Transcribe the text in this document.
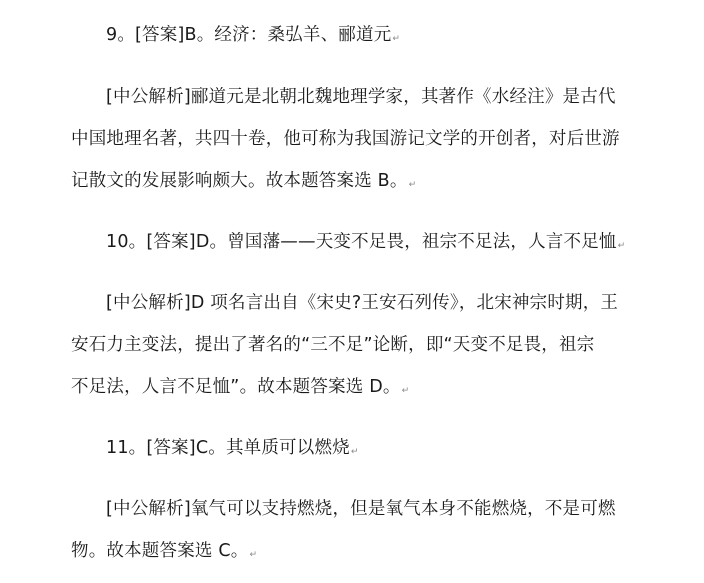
9。[答案]B。经济：桑弘羊、郦道元↵
[中公解析]郦道元是北朝北魏地理学家，其著作《水经注》是古代
中国地理名著，共四十卷，他可称为我国游记文学的开创者，对后世游
记散文的发展影响颇大。故本题答案选 B。↵
10。[答案]D。曾国藩——天变不足畏，祖宗不足法，人言不足恤↵
[中公解析]D 项名言出自《宋史?王安石列传》，北宋神宗时期，王
安石力主变法，提出了著名的“三不足”论断，即“天变不足畏，祖宗
不足法，人言不足恤”。故本题答案选 D。↵
11。[答案]C。其单质可以燃烧↵
[中公解析]氧气可以支持燃烧，但是氧气本身不能燃烧，不是可燃
物。故本题答案选 C。↵
